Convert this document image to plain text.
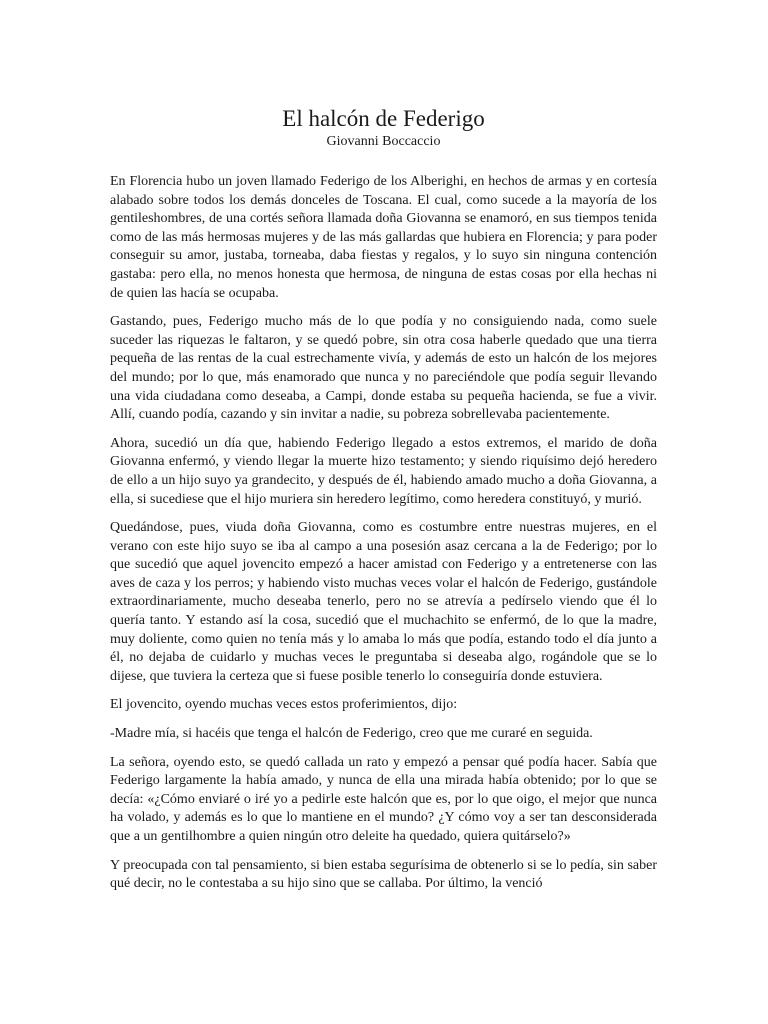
El halcón de Federigo
Giovanni Boccaccio

En Florencia hubo un joven llamado Federigo de los Alberighi, en hechos de armas y en cortesía alabado sobre todos los demás donceles de Toscana. El cual, como sucede a la mayoría de los gentileshombres, de una cortés señora llamada doña Giovanna se enamoró, en sus tiempos tenida como de las más hermosas mujeres y de las más gallardas que hubiera en Florencia; y para poder conseguir su amor, justaba, torneaba, daba fiestas y regalos, y lo suyo sin ninguna contención gastaba: pero ella, no menos honesta que hermosa, de ninguna de estas cosas por ella hechas ni de quien las hacía se ocupaba.

Gastando, pues, Federigo mucho más de lo que podía y no consiguiendo nada, como suele suceder las riquezas le faltaron, y se quedó pobre, sin otra cosa haberle quedado que una tierra pequeña de las rentas de la cual estrechamente vivía, y además de esto un halcón de los mejores del mundo; por lo que, más enamorado que nunca y no pareciéndole que podía seguir llevando una vida ciudadana como deseaba, a Campi, donde estaba su pequeña hacienda, se fue a vivir. Allí, cuando podía, cazando y sin invitar a nadie, su pobreza sobrellevaba pacientemente.

Ahora, sucedió un día que, habiendo Federigo llegado a estos extremos, el marido de doña Giovanna enfermó, y viendo llegar la muerte hizo testamento; y siendo riquísimo dejó heredero de ello a un hijo suyo ya grandecito, y después de él, habiendo amado mucho a doña Giovanna, a ella, si sucediese que el hijo muriera sin heredero legítimo, como heredera constituyó, y murió.

Quedándose, pues, viuda doña Giovanna, como es costumbre entre nuestras mujeres, en el verano con este hijo suyo se iba al campo a una posesión asaz cercana a la de Federigo; por lo que sucedió que aquel jovencito empezó a hacer amistad con Federigo y a entretenerse con las aves de caza y los perros; y habiendo visto muchas veces volar el halcón de Federigo, gustándole extraordinariamente, mucho deseaba tenerlo, pero no se atrevía a pedírselo viendo que él lo quería tanto. Y estando así la cosa, sucedió que el muchachito se enfermó, de lo que la madre, muy doliente, como quien no tenía más y lo amaba lo más que podía, estando todo el día junto a él, no dejaba de cuidarlo y muchas veces le preguntaba si deseaba algo, rogándole que se lo dijese, que tuviera la certeza que si fuese posible tenerlo lo conseguiría donde estuviera.

El jovencito, oyendo muchas veces estos proferimientos, dijo:

-Madre mía, si hacéis que tenga el halcón de Federigo, creo que me curaré en seguida.

La señora, oyendo esto, se quedó callada un rato y empezó a pensar qué podía hacer. Sabía que Federigo largamente la había amado, y nunca de ella una mirada había obtenido; por lo que se decía: «¿Cómo enviaré o iré yo a pedirle este halcón que es, por lo que oigo, el mejor que nunca ha volado, y además es lo que lo mantiene en el mundo? ¿Y cómo voy a ser tan desconsiderada que a un gentilhombre a quien ningún otro deleite ha quedado, quiera quitárselo?»

Y preocupada con tal pensamiento, si bien estaba segurísima de obtenerlo si se lo pedía, sin saber qué decir, no le contestaba a su hijo sino que se callaba. Por último, la venció
